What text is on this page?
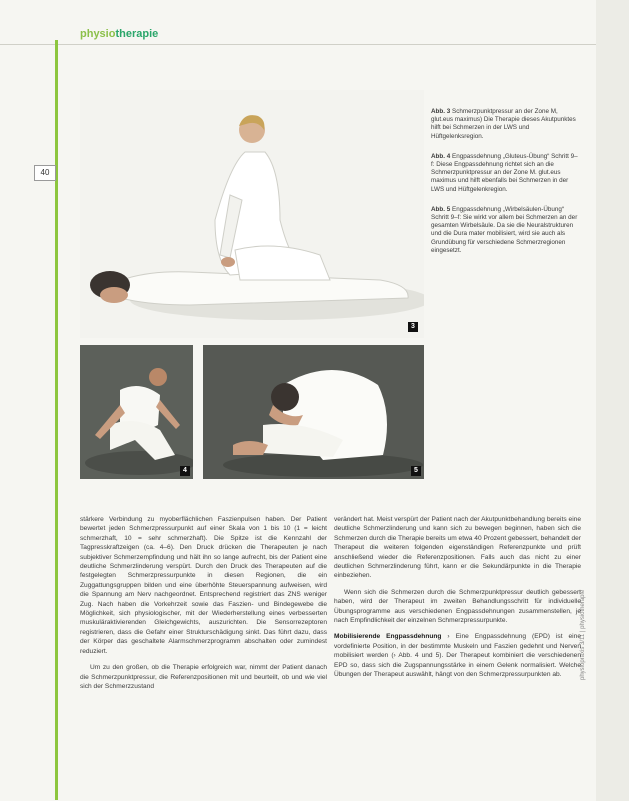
physiopraxis 3/11 | physiotherapie
physiotherapie
40
3
4	5

Abb. 3 Schmerzpunktpressur an der Zone M, glut.eus maximus) Die Therapie dieses Akutpunktes hilft bei Schmerzen in der LWS und Hüftgelenksregion.

Abb. 4 Engpassdehnung „Gluteus-Übung“ Schritt 9–f: Diese Engpassdehnung richtet sich an die Schmerzpunktpressur an der Zone M. glut.eus maximus und hilft ebenfalls bei Schmerzen in der LWS und Hüftgelenkregion.

Abb. 5 Engpassdehnung „Wirbelsäulen-Übung“ Schritt 9–f: Sie wirkt vor allem bei Schmerzen an der gesamten Wirbelsäule. Da sie die Neuralstrukturen und die Dura mater mobilisiert, wird sie auch als Grundübung für verschiedene Schmerzregionen eingesetzt.

stärkere Verbindung zu myoberflächlichen Faszienpulsen haben. Der Patient bewertet jeden Schmerzpressurpunkt auf einer Skala von 1 bis 10 (1 = leicht schmerzhaft, 10 = sehr schmerzhaft). Die Spitze ist die Kennzahl der Tagpresskraftzeigen (ca. 4–6). Den Druck drücken die Therapeuten je nach subjektiver Schmerzempfindung und hält ihn so lange aufrecht, bis der Patient eine deutliche Schmerzlinderung verspürt. Durch den Druck des Therapeuten auf die festgelegten Schmerzpressurpunkte in diesen Regionen, die ein Zuggattungsgruppen bilden und eine überhöhte Steuerspannung aufweisen, wird die Spannung am Nerv nachgeordnet. Entsprechend registriert das ZNS weniger Zug. Nach haben die Vorkehrzeit sowie das Faszien- und Bindegewebe die Möglichkeit, sich physiologischer, mit der Wiederherstellung eines verbesserten muskuläraktivierenden Gleichgewichts, auszurichten. Die Sensorrezeptoren registrieren, dass die Gefahr einer Strukturschädigung sinkt. Das führt dazu, dass der Körper das geschaltete Alarmschmerzprogramm abschalten oder zumindest reduziert.

Um zu den großen, ob die Therapie erfolgreich war, nimmt der Patient danach die Schmerzpunktpressur, die Referenzpositionen mit und beurteilt, ob und wie viel sich der Schmerzzustand

verändert hat. Meist verspürt der Patient nach der Akutpunktbehandlung bereits eine deutliche Schmerzlinderung und kann sich zu bewegen beginnen, haben sich die Schmerzen durch die Therapie bereits um etwa 40 Prozent gebessert, behandelt der Therapeut die weiteren folgenden eigenständigen Referenzpunkte und prüft anschließend wieder die Referenzpositionen. Falls auch das nicht zu einer deutlichen Schmerzlinderung führt, kann er die Sekundärpunkte in die Therapie einbeziehen.

Wenn sich die Schmerzen durch die Schmerzpunktpressur deutlich gebessert haben, wird der Therapeut im zweiten Behandlungsschritt für individuelle Übungsprogramme aus verschiedenen Engpassdehnungen zusammenstellen, je nach Empfindlichkeit der einzelnen Schmerzpressurpunkte.

Mobilisierende Engpassdehnung › Eine Engpassdehnung (EPD) ist eine vordefinierte Position, in der bestimmte Muskeln und Faszien gedehnt und Nerven mobilisiert werden (› Abb. 4 und 5). Der Therapeut kombiniert die verschiedenen EPD so, dass sich die Zugspannungsstärke in einem Gelenk normalisiert. Welche Übungen der Therapeut auswählt, hängt von den Schmerzpressurpunkten ab.
